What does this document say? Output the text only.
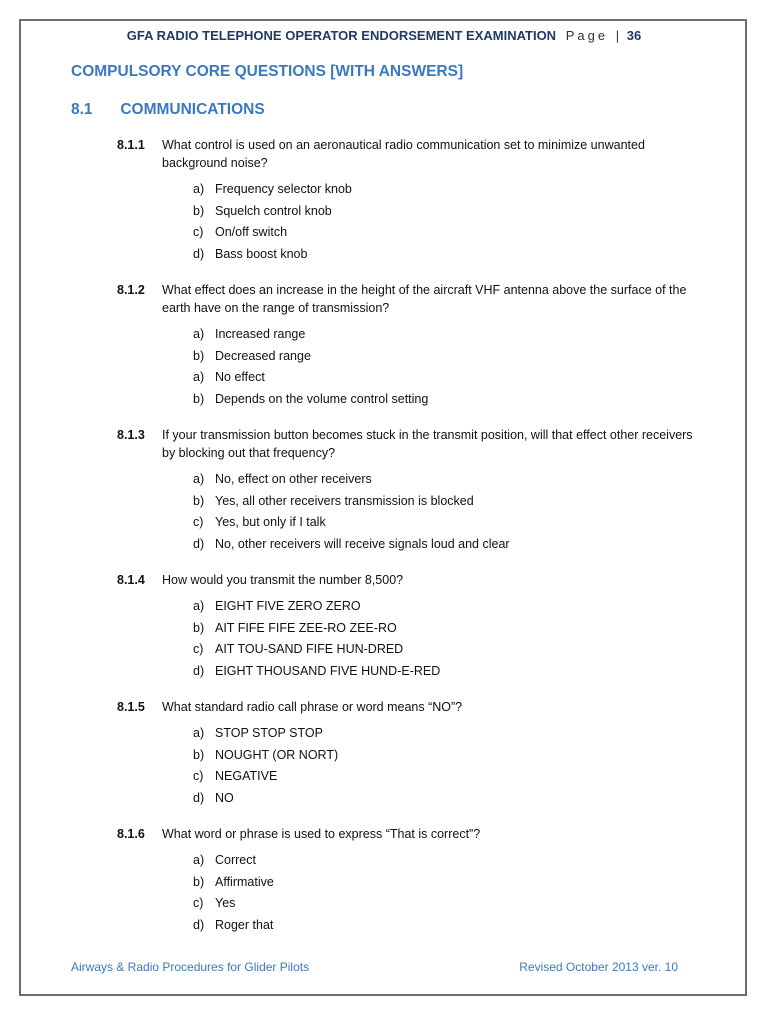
GFA RADIO TELEPHONE OPERATOR ENDORSEMENT EXAMINATION Page | 36
COMPULSORY CORE QUESTIONS [WITH ANSWERS]
8.1 COMMUNICATIONS
8.1.1	What control is used on an aeronautical radio communication set to minimize unwanted background noise?
a) Frequency selector knob
b) Squelch control knob
c) On/off switch
d) Bass boost knob
8.1.2	What effect does an increase in the height of the aircraft VHF antenna above the surface of the earth have on the range of transmission?
a) Increased range
b) Decreased range
a) No effect
b) Depends on the volume control setting
8.1.3	If your transmission button becomes stuck in the transmit position, will that effect other receivers by blocking out that frequency?
a) No, effect on other receivers
b) Yes, all other receivers transmission is blocked
c) Yes, but only if I talk
d) No, other receivers will receive signals loud and clear
8.1.4	How would you transmit the number 8,500?
a) EIGHT FIVE ZERO ZERO
b) AIT FIFE FIFE ZEE-RO ZEE-RO
c) AIT TOU-SAND FIFE HUN-DRED
d) EIGHT THOUSAND FIVE HUND-E-RED
8.1.5	What standard radio call phrase or word means “NO”?
a) STOP STOP STOP
b) NOUGHT (OR NORT)
c) NEGATIVE
d) NO
8.1.6	What word or phrase is used to express “That is correct”?
a) Correct
b) Affirmative
c) Yes
d) Roger that
Airways & Radio Procedures for Glider Pilots	Revised October 2013 ver. 10
